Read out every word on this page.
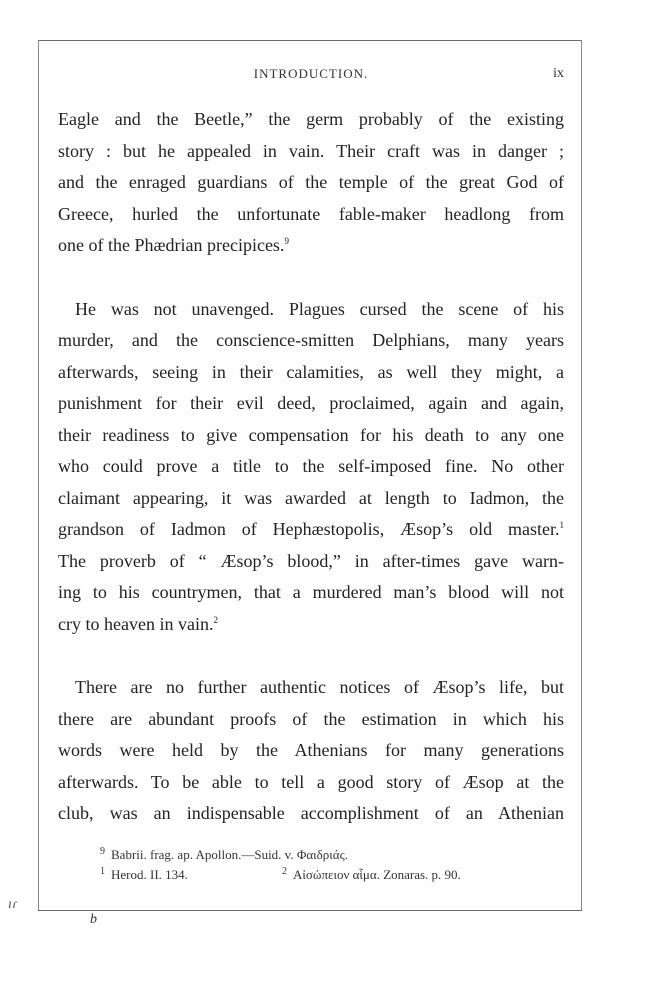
INTRODUCTION.	ix
Eagle and the Beetle,” the germ probably of the existing
story : but he appealed in vain. Their craft was in danger ;
and the enraged guardians of the temple of the great God of
Greece, hurled the unfortunate fable-maker headlong from
one of the Phædrian precipices.$^9$
He was not unavenged. Plagues cursed the scene of his
murder, and the conscience-smitten Delphians, many years
afterwards, seeing in their calamities, as well they might, a
punishment for their evil deed, proclaimed, again and again,
their readiness to give compensation for his death to any one
who could prove a title to the self-imposed fine. No other
claimant appearing, it was awarded at length to Iadmon, the
grandson of Iadmon of Hephæstopolis, Æsop’s old master.$^1$
The proverb of “ Æsop’s blood,” in after-times gave warn-
ing to his countrymen, that a murdered man’s blood will not
cry to heaven in vain.$^2$
There are no further authentic notices of Æsop’s life, but
there are abundant proofs of the estimation in which his
words were held by the Athenians for many generations
afterwards. To be able to tell a good story of Æsop at the
club, was an indispensable accomplishment of an Athenian
$^9$ Babrii. frag. ap. Apollon.—Suid. v. Φαιδριάς.
$^1$ Herod. II. 134.	$^2$ Αἰσώπειον αἷμα. Zonaras. p. 90.
ıɾ
b
